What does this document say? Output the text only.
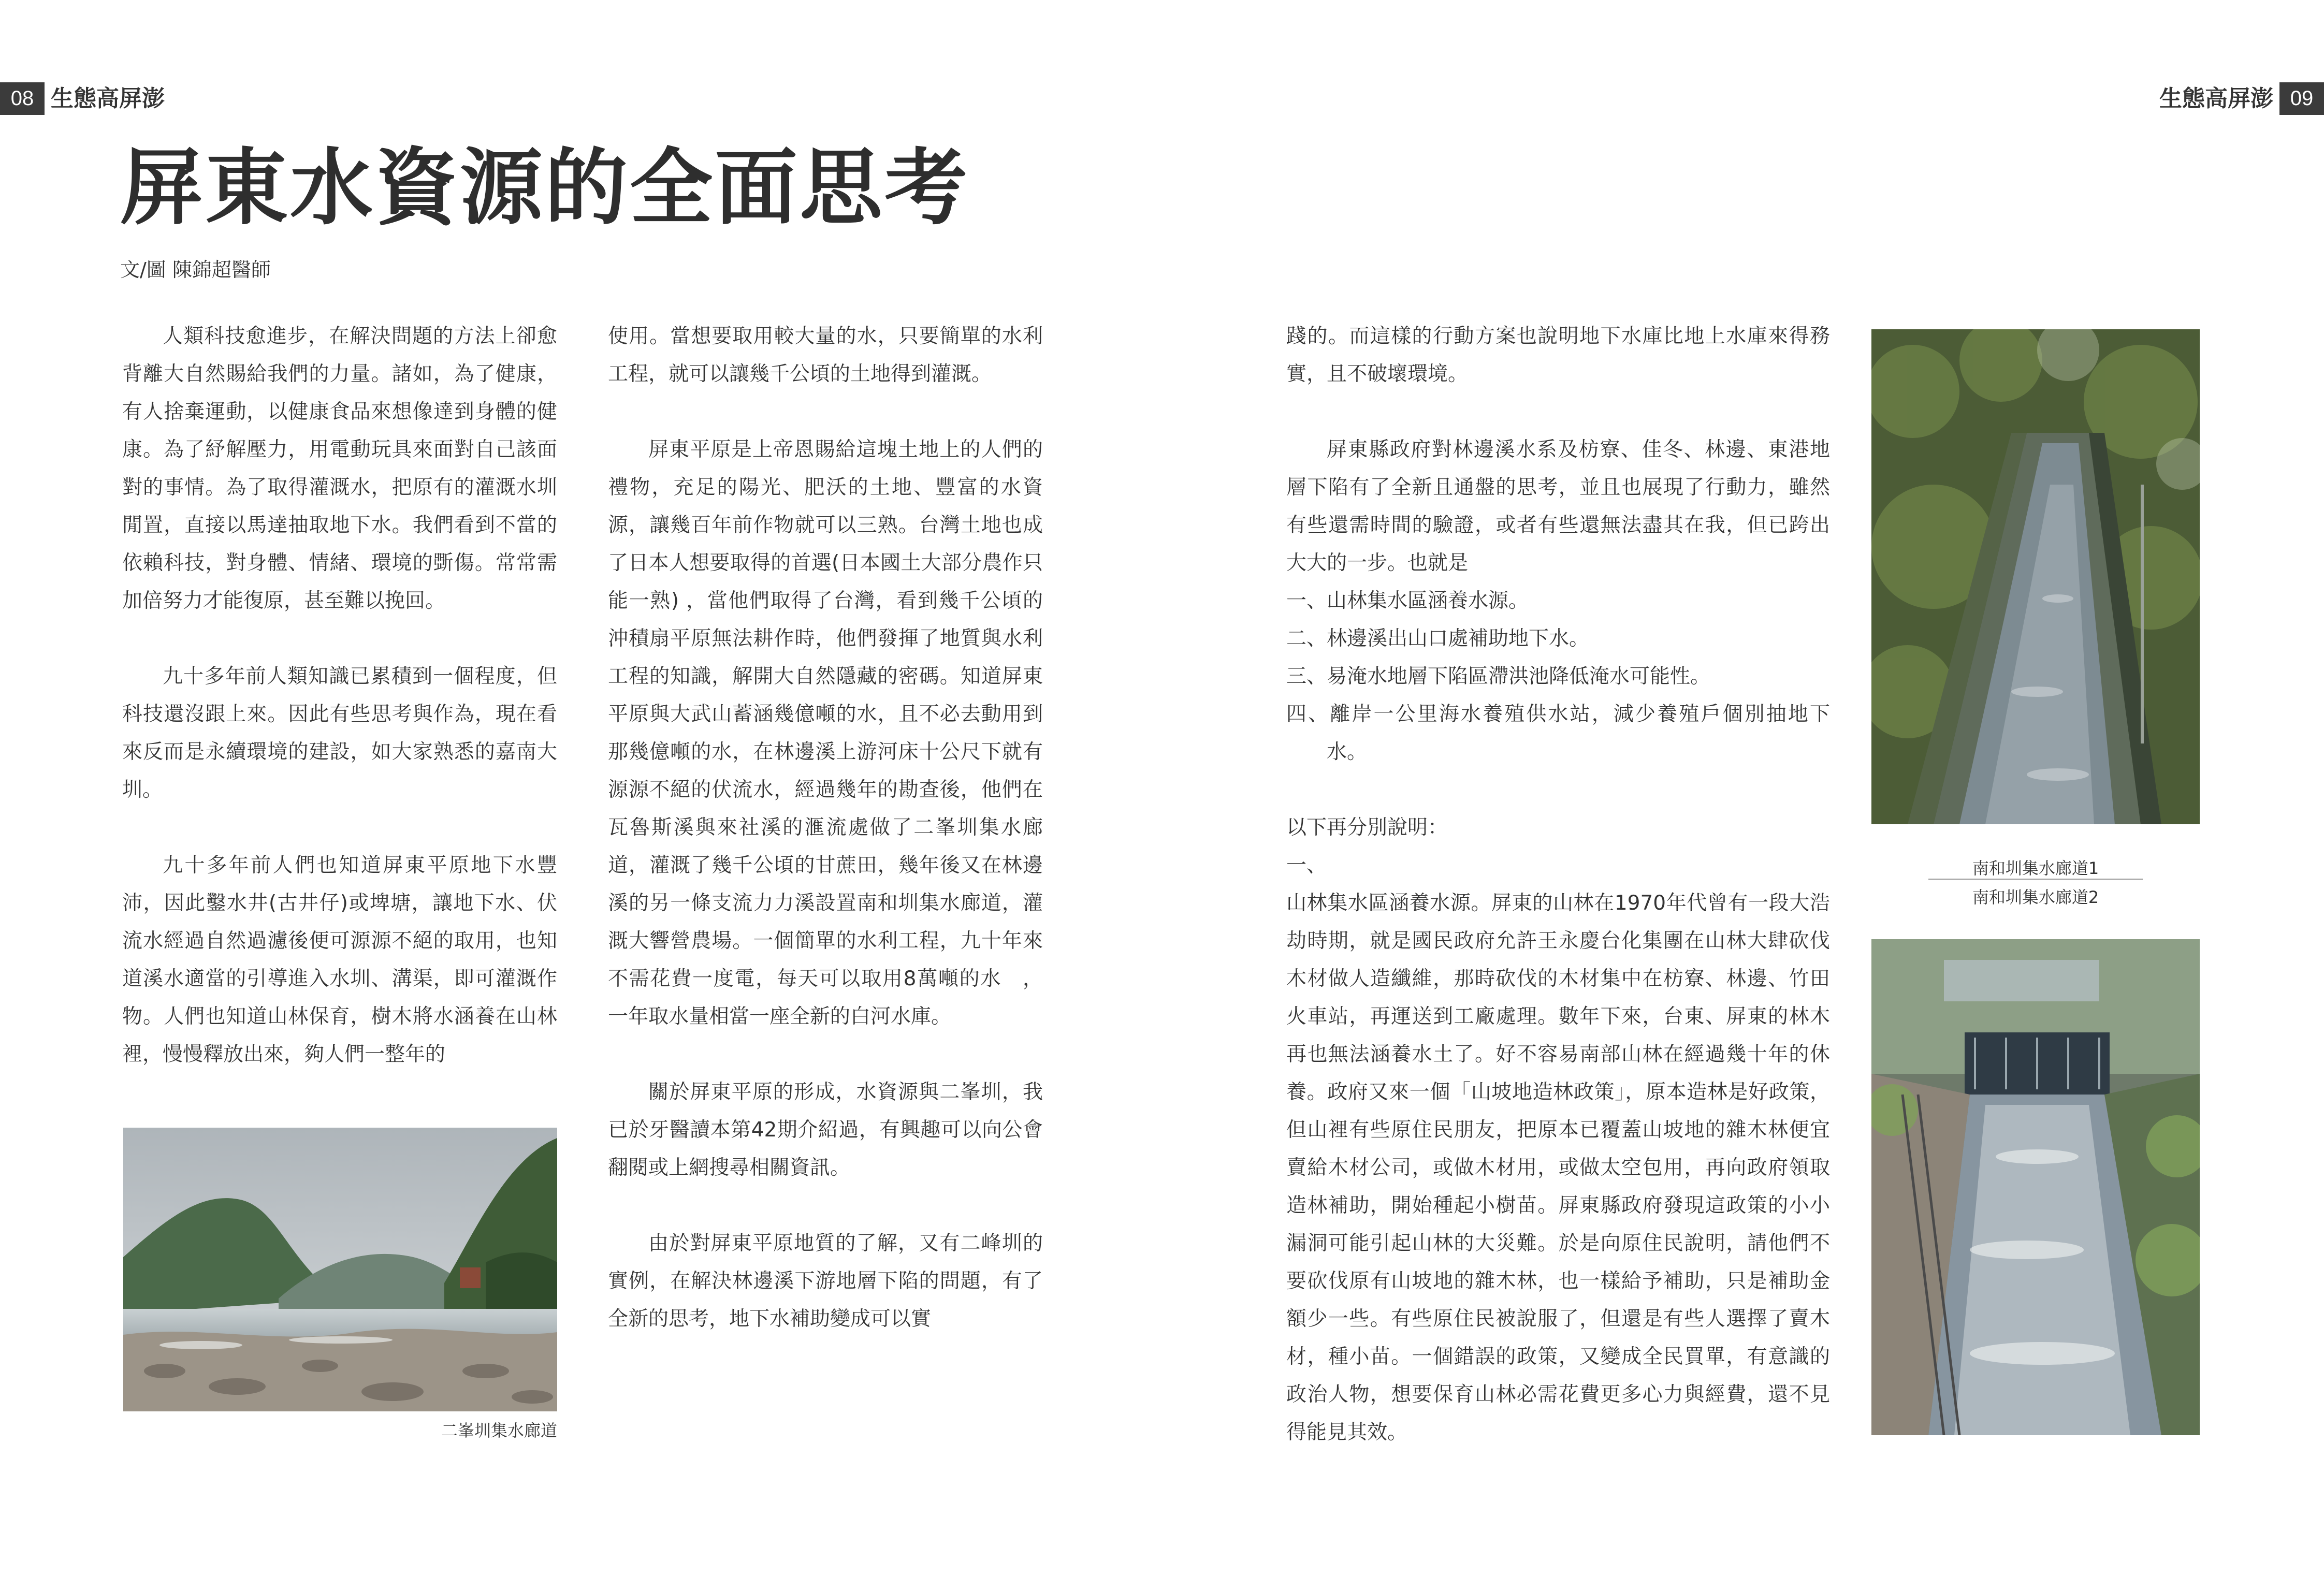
08 生態高屏澎	生態高屏澎 09
屏東水資源的全面思考
文/圖 陳錦超醫師

人類科技愈進步，在解決問題的方法上卻愈背離大自然賜給我們的力量。諸如，為了健康，有人捨棄運動，以健康食品來想像達到身體的健康。為了紓解壓力，用電動玩具來面對自己該面對的事情。為了取得灌溉水，把原有的灌溉水圳閒置，直接以馬達抽取地下水。我們看到不當的依賴科技，對身體、情緒、環境的斲傷。常常需加倍努力才能復原，甚至難以挽回。

九十多年前人類知識已累積到一個程度，但科技還沒跟上來。因此有些思考與作為，現在看來反而是永續環境的建設，如大家熟悉的嘉南大圳。

九十多年前人們也知道屏東平原地下水豐沛，因此鑿水井(古井仔)或埤塘，讓地下水、伏流水經過自然過濾後便可源源不絕的取用，也知道溪水適當的引導進入水圳、溝渠，即可灌溉作物。人們也知道山林保育，樹木將水涵養在山林裡，慢慢釋放出來，夠人們一整年的

二峯圳集水廊道

使用。當想要取用較大量的水，只要簡單的水利工程，就可以讓幾千公頃的土地得到灌溉。

屏東平原是上帝恩賜給這塊土地上的人們的禮物，充足的陽光、肥沃的土地、豐富的水資源，讓幾百年前作物就可以三熟。台灣土地也成了日本人想要取得的首選(日本國土大部分農作只能一熟) ，當他們取得了台灣，看到幾千公頃的沖積扇平原無法耕作時，他們發揮了地質與水利工程的知識，解開大自然隱藏的密碼。知道屏東平原與大武山蓄涵幾億噸的水，且不必去動用到那幾億噸的水，在林邊溪上游河床十公尺下就有源源不絕的伏流水，經過幾年的勘查後，他們在瓦魯斯溪與來社溪的滙流處做了二峯圳集水廊道，灌溉了幾千公頃的甘蔗田，幾年後又在林邊溪的另一條支流力力溪設置南和圳集水廊道，灌溉大響營農場。一個簡單的水利工程，九十年來不需花費一度電，每天可以取用8萬噸的水　，一年取水量相當一座全新的白河水庫。

關於屏東平原的形成，水資源與二峯圳，我已於牙醫讀本第42期介紹過，有興趣可以向公會翻閱或上網搜尋相關資訊。

由於對屏東平原地質的了解，又有二峰圳的實例，在解決林邊溪下游地層下陷的問題，有了全新的思考，地下水補助變成可以實

踐的。而這樣的行動方案也說明地下水庫比地上水庫來得務實，且不破壞環境。

屏東縣政府對林邊溪水系及枋寮、佳冬、林邊、東港地層下陷有了全新且通盤的思考，並且也展現了行動力，雖然有些還需時間的驗證，或者有些還無法盡其在我，但已跨出大大的一步。也就是

一、山林集水區涵養水源。
二、林邊溪出山口處補助地下水。
三、易淹水地層下陷區滯洪池降低淹水可能性。
四、離岸一公里海水養殖供水站，減少養殖戶個別抽地下水。

以下再分別說明：

一、

山林集水區涵養水源。屏東的山林在1970年代曾有一段大浩劫時期，就是國民政府允許王永慶台化集團在山林大肆砍伐木材做人造纖維，那時砍伐的木材集中在枋寮、林邊、竹田火車站，再運送到工廠處理。數年下來，台東、屏東的林木再也無法涵養水土了。好不容易南部山林在經過幾十年的休養。政府又來一個「山坡地造林政策」，原本造林是好政策，但山裡有些原住民朋友，把原本已覆蓋山坡地的雜木林便宜賣給木材公司，或做木材用，或做太空包用，再向政府領取造林補助，開始種起小樹苗。屏東縣政府發現這政策的小小漏洞可能引起山林的大災難。於是向原住民說明，請他們不要砍伐原有山坡地的雜木林，也一樣給予補助，只是補助金額少一些。有些原住民被說服了，但還是有些人選擇了賣木材，種小苗。一個錯誤的政策，又變成全民買單，有意識的政治人物，想要保育山林必需花費更多心力與經費，還不見得能見其效。

南和圳集水廊道1
南和圳集水廊道2
